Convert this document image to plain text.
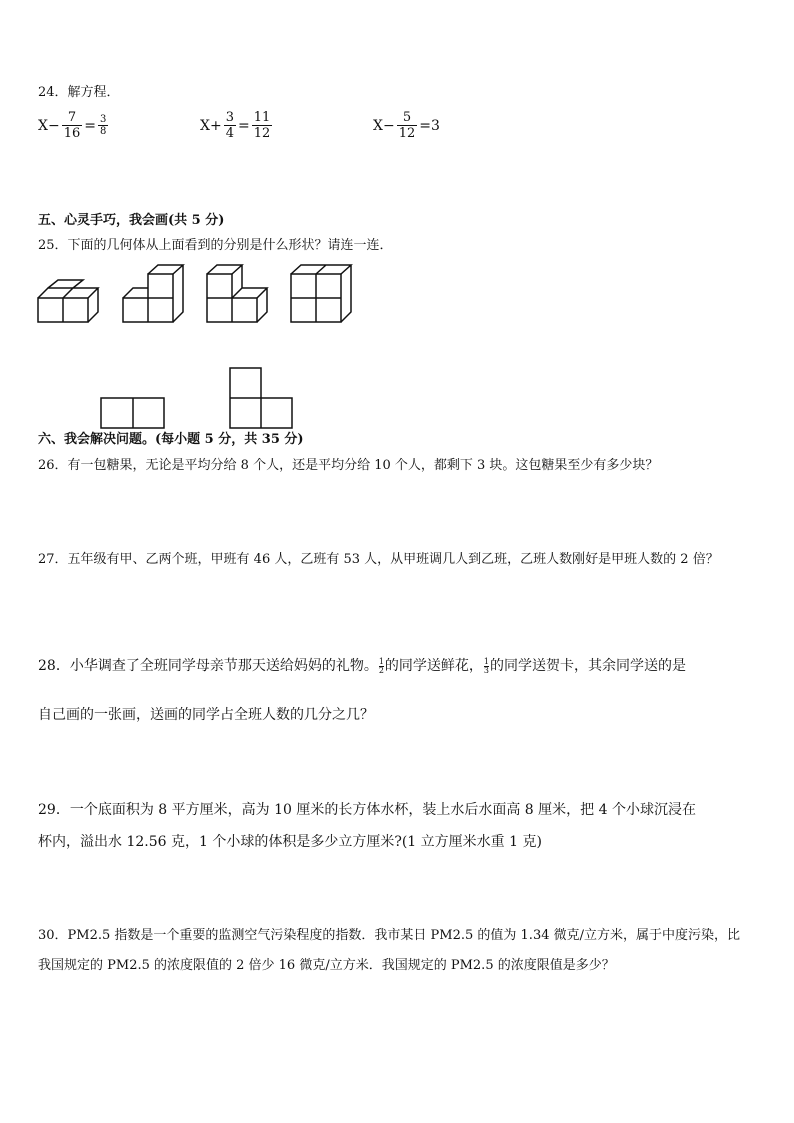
24．解方程．
$X- \frac{7}{16} = \frac{3}{8}$	$X+ \frac{3}{4} = \frac{11}{12}$	$X- \frac{5}{12} =3$
五、心灵手巧，我会画(共 5 分)
25．下面的几何体从上面看到的分别是什么形状？请连一连．
六、我会解决问题。(每小题 5 分，共 35 分)
26．有一包糖果，无论是平均分给 8 个人，还是平均分给 10 个人，都剩下 3 块。这包糖果至少有多少块？
27．五年级有甲、乙两个班，甲班有 46 人，乙班有 53 人，从甲班调几人到乙班，乙班人数刚好是甲班人数的 2 倍？
28．小华调查了全班同学母亲节那天送给妈妈的礼物。 $\frac{1}{2}$ 的同学送鲜花， $\frac{1}{3}$ 的同学送贺卡，其余同学送的是
自己画的一张画，送画的同学占全班人数的几分之几？
29．一个底面积为 8 平方厘米，高为 10 厘米的长方体水杯，装上水后水面高 8 厘米，把 4 个小球沉浸在
杯内，溢出水 12.56 克，1 个小球的体积是多少立方厘米?(1 立方厘米水重 1 克)
30．PM2.5 指数是一个重要的监测空气污染程度的指数．我市某日 PM2.5 的值为 1.34 微克/立方米，属于中度污染，比
我国规定的 PM2.5 的浓度限值的 2 倍少 16 微克/立方米．我国规定的 PM2.5 的浓度限值是多少？
